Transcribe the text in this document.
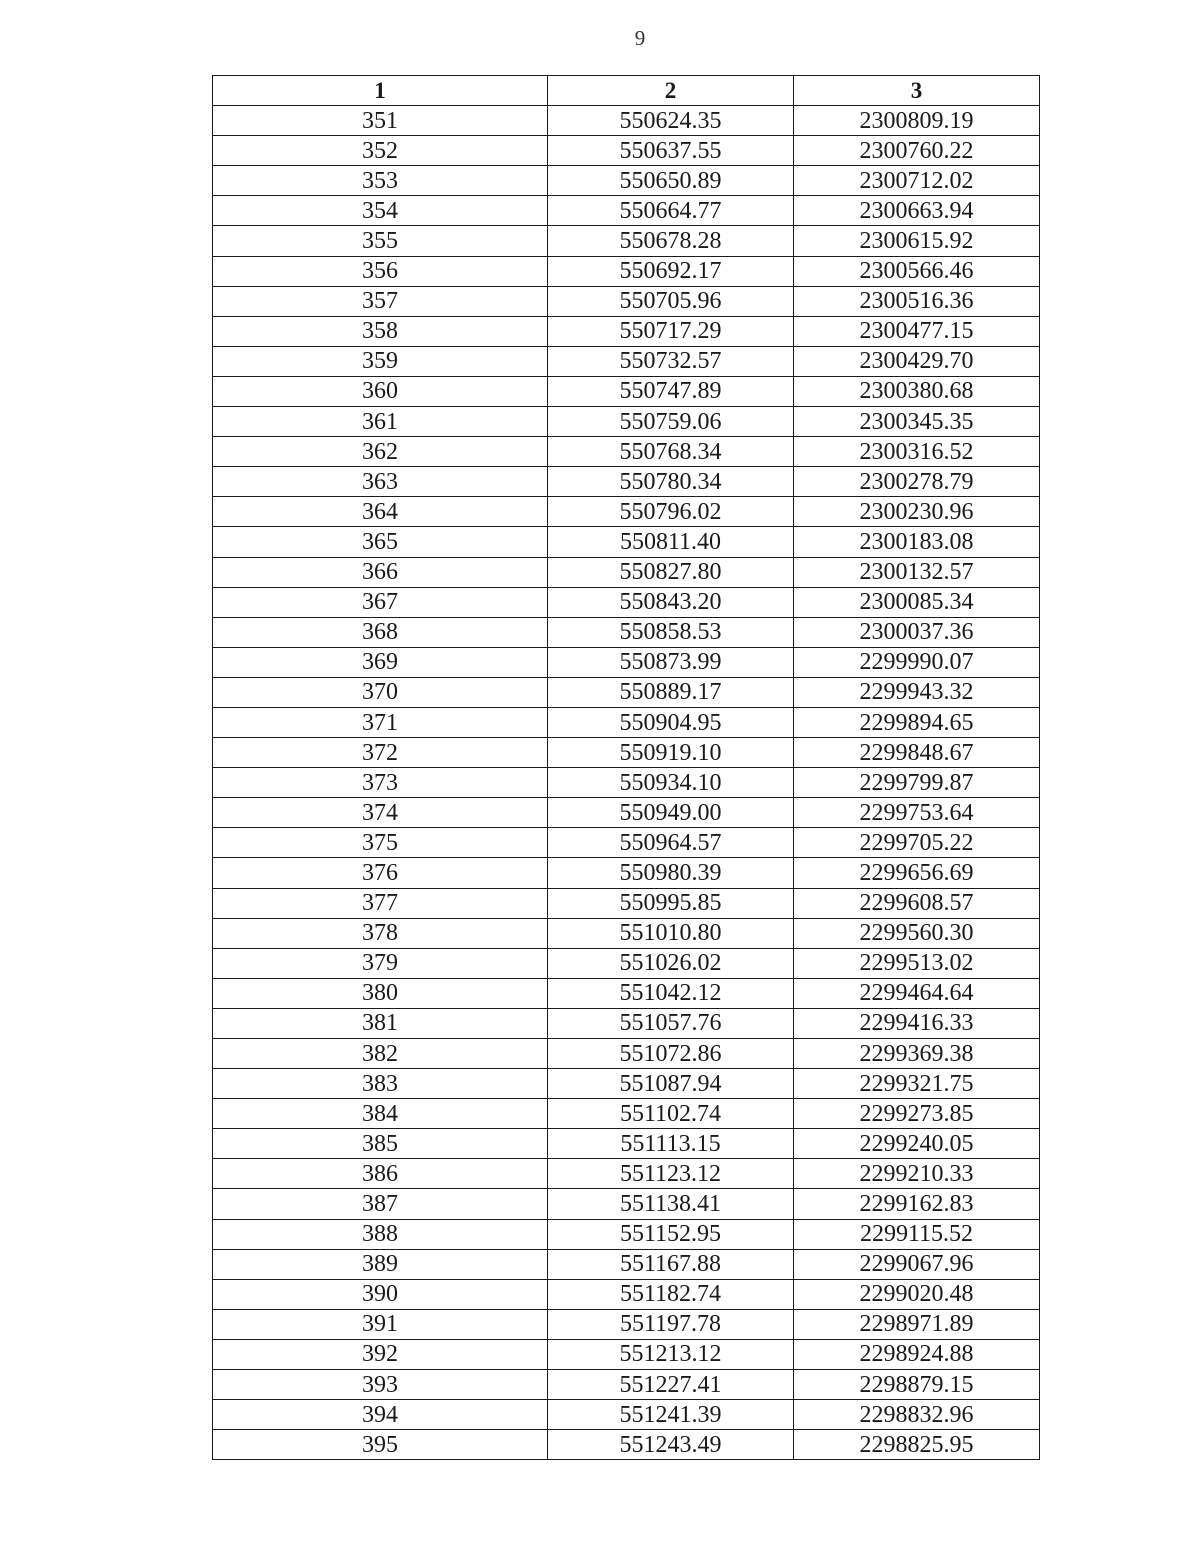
9
1	2	3
351	550624.35	2300809.19
352	550637.55	2300760.22
353	550650.89	2300712.02
354	550664.77	2300663.94
355	550678.28	2300615.92
356	550692.17	2300566.46
357	550705.96	2300516.36
358	550717.29	2300477.15
359	550732.57	2300429.70
360	550747.89	2300380.68
361	550759.06	2300345.35
362	550768.34	2300316.52
363	550780.34	2300278.79
364	550796.02	2300230.96
365	550811.40	2300183.08
366	550827.80	2300132.57
367	550843.20	2300085.34
368	550858.53	2300037.36
369	550873.99	2299990.07
370	550889.17	2299943.32
371	550904.95	2299894.65
372	550919.10	2299848.67
373	550934.10	2299799.87
374	550949.00	2299753.64
375	550964.57	2299705.22
376	550980.39	2299656.69
377	550995.85	2299608.57
378	551010.80	2299560.30
379	551026.02	2299513.02
380	551042.12	2299464.64
381	551057.76	2299416.33
382	551072.86	2299369.38
383	551087.94	2299321.75
384	551102.74	2299273.85
385	551113.15	2299240.05
386	551123.12	2299210.33
387	551138.41	2299162.83
388	551152.95	2299115.52
389	551167.88	2299067.96
390	551182.74	2299020.48
391	551197.78	2298971.89
392	551213.12	2298924.88
393	551227.41	2298879.15
394	551241.39	2298832.96
395	551243.49	2298825.95
